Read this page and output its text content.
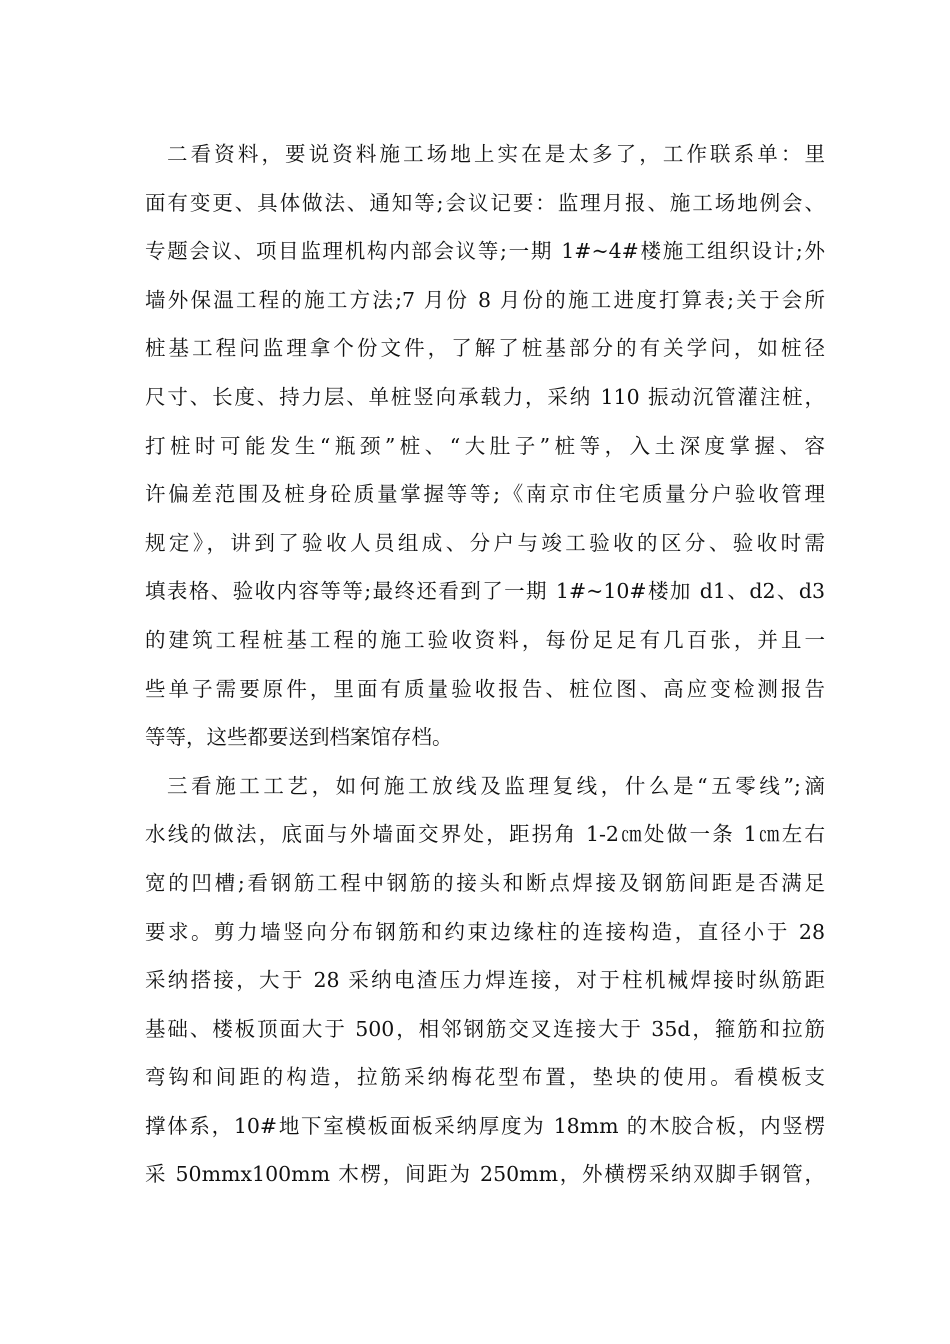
二看资料，要说资料施工场地上实在是太多了，工作联系单：里
面有变更、具体做法、通知等;会议记要：监理月报、施工场地例会、
专题会议、项目监理机构内部会议等;一期 1#~4#楼施工组织设计;外
墙外保温工程的施工方法;7 月份 8 月份的施工进度打算表;关于会所
桩基工程问监理拿个份文件，了解了桩基部分的有关学问，如桩径
尺寸、长度、持力层、单桩竖向承载力，采纳 110 振动沉管灌注桩，
打桩时可能发生“瓶颈”桩、“大肚子”桩等，入土深度掌握、容
许偏差范围及桩身砼质量掌握等等;《南京市住宅质量分户验收管理
规定》，讲到了验收人员组成、分户与竣工验收的区分、验收时需
填表格、验收内容等等;最终还看到了一期 1#~10#楼加 d1、d2、d3
的建筑工程桩基工程的施工验收资料，每份足足有几百张，并且一
些单子需要原件，里面有质量验收报告、桩位图、高应变检测报告
等等，这些都要送到档案馆存档。
三看施工工艺，如何施工放线及监理复线，什么是“五零线”;滴
水线的做法，底面与外墙面交界处，距拐角 1-2㎝处做一条 1㎝左右
宽的凹槽;看钢筋工程中钢筋的接头和断点焊接及钢筋间距是否满足
要求。剪力墙竖向分布钢筋和约束边缘柱的连接构造，直径小于 28
采纳搭接，大于 28 采纳电渣压力焊连接，对于柱机械焊接时纵筋距
基础、楼板顶面大于 500，相邻钢筋交叉连接大于 35d，箍筋和拉筋
弯钩和间距的构造，拉筋采纳梅花型布置，垫块的使用。看模板支
撑体系，10#地下室模板面板采纳厚度为 18mm 的木胶合板，内竖楞
采 50mmx100mm 木楞，间距为 250mm，外横楞采纳双脚手钢管，
